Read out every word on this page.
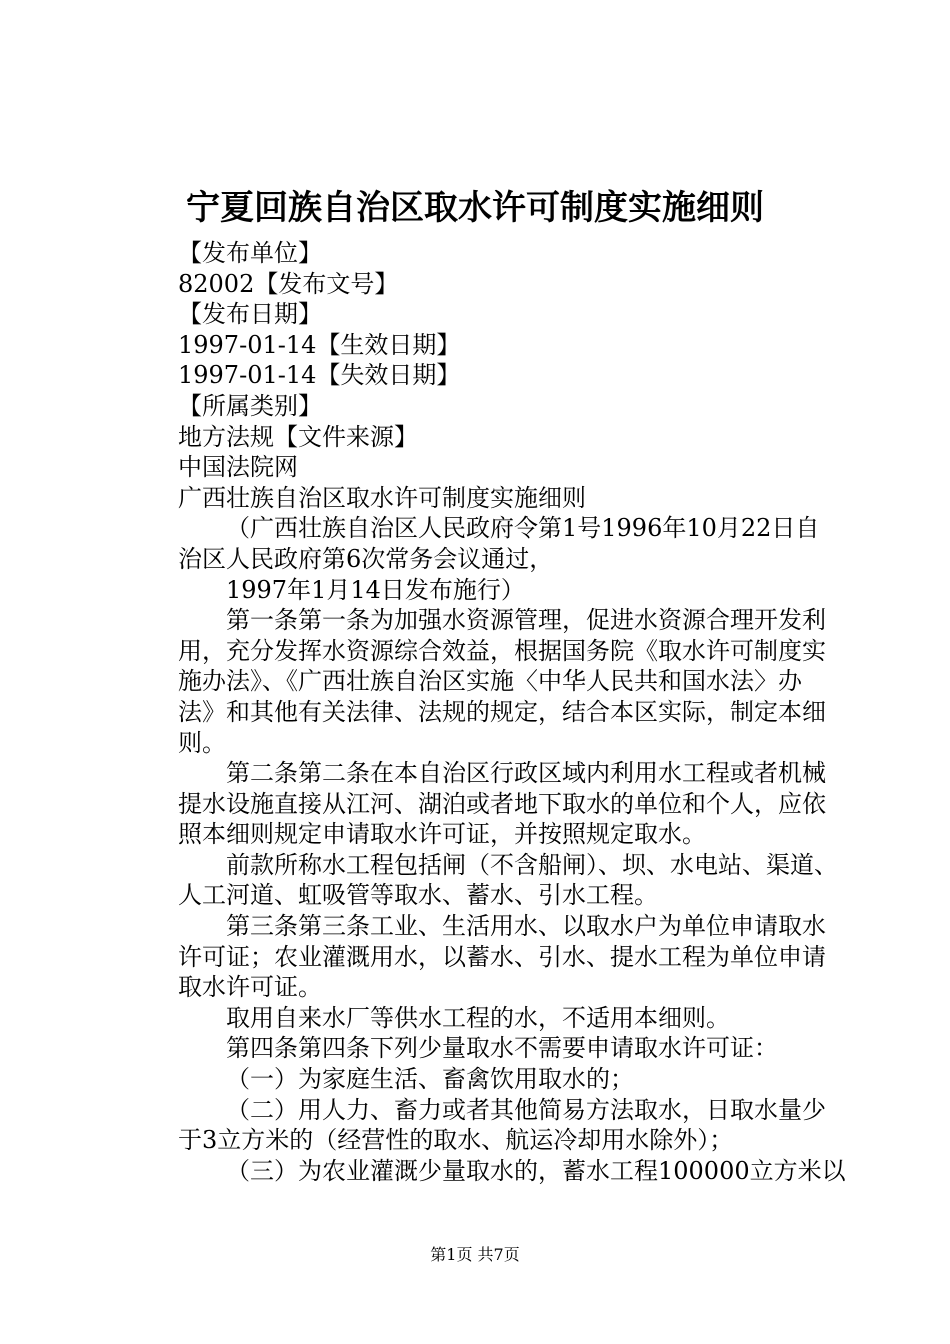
宁夏回族自治区取水许可制度实施细则

【发布单位】

82002【发布文号】

【发布日期】

1997-01-14【生效日期】

1997-01-14【失效日期】

【所属类别】

地方法规【文件来源】

中国法院网

广西壮族自治区取水许可制度实施细则

（广西壮族自治区人民政府令第1号1996年10月22日自
治区人民政府第6次常务会议通过，

1997年1月14日发布施行）

第一条第一条为加强水资源管理，促进水资源合理开发利
用，充分发挥水资源综合效益，根据国务院《取水许可制度实
施办法》、《广西壮族自治区实施〈中华人民共和国水法〉办
法》和其他有关法律、法规的规定，结合本区实际，制定本细
则。

第二条第二条在本自治区行政区域内利用水工程或者机械
提水设施直接从江河、湖泊或者地下取水的单位和个人，应依
照本细则规定申请取水许可证，并按照规定取水。

前款所称水工程包括闸（不含船闸）、坝、水电站、渠道、
人工河道、虹吸管等取水、蓄水、引水工程。

第三条第三条工业、生活用水、以取水户为单位申请取水
许可证；农业灌溉用水，以蓄水、引水、提水工程为单位申请
取水许可证。

取用自来水厂等供水工程的水，不适用本细则。

第四条第四条下列少量取水不需要申请取水许可证：

（一）为家庭生活、畜禽饮用取水的；

（二）用人力、畜力或者其他简易方法取水，日取水量少
于3立方米的（经营性的取水、航运冷却用水除外）；

（三）为农业灌溉少量取水的，蓄水工程100000立方米以

第1页 共7页
